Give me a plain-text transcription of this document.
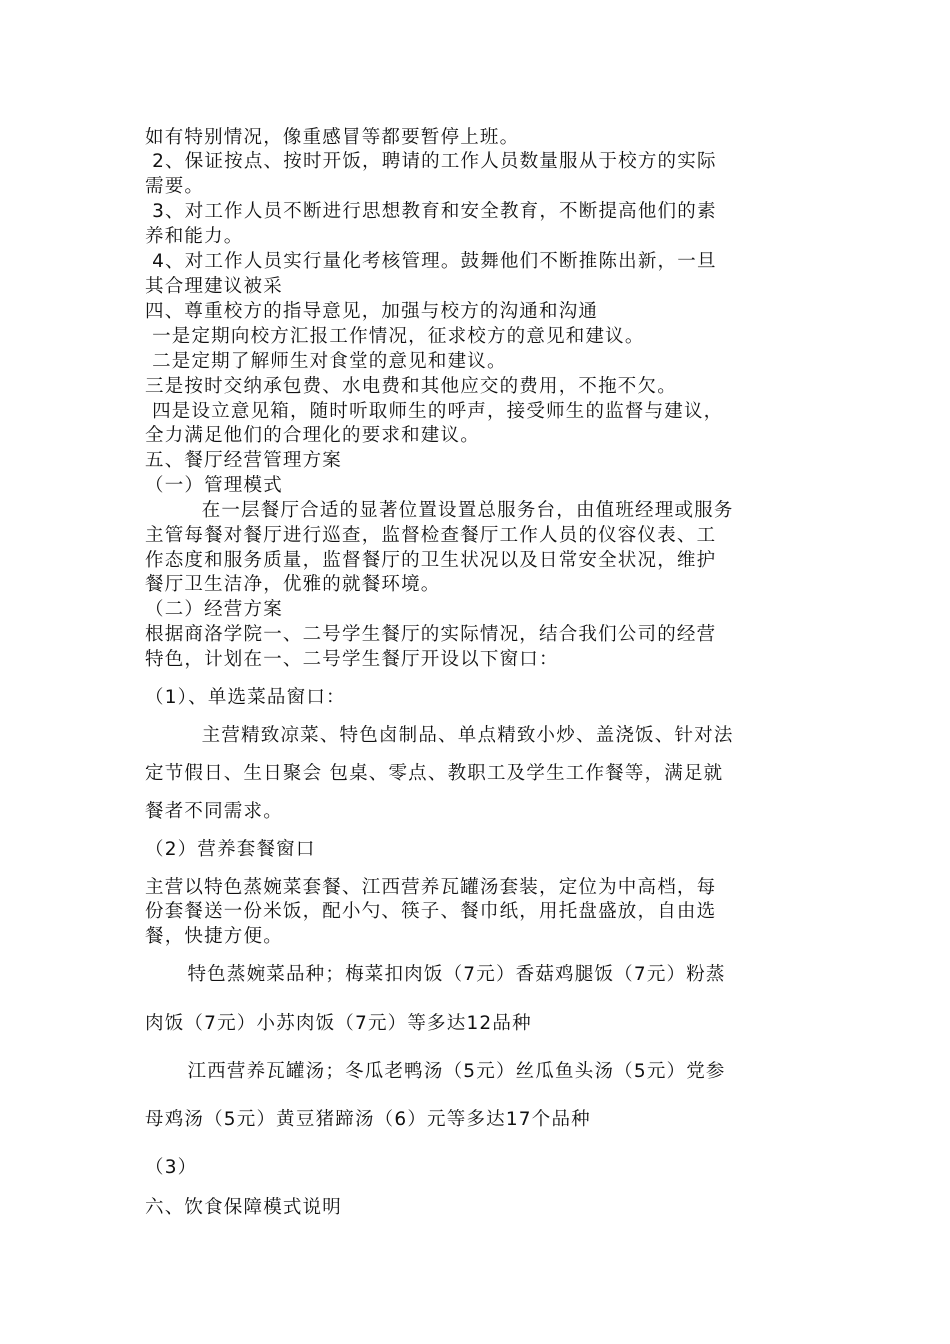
如有特别情况，像重感冒等都要暂停上班。
2、保证按点、按时开饭，聘请的工作人员数量服从于校方的实际
需要。
3、对工作人员不断进行思想教育和安全教育，不断提高他们的素
养和能力。
4、对工作人员实行量化考核管理。鼓舞他们不断推陈出新，一旦
其合理建议被采
四、尊重校方的指导意见，加强与校方的沟通和沟通
一是定期向校方汇报工作情况，征求校方的意见和建议。
二是定期了解师生对食堂的意见和建议。
三是按时交纳承包费、水电费和其他应交的费用，不拖不欠。
四是设立意见箱，随时听取师生的呼声，接受师生的监督与建议，
全力满足他们的合理化的要求和建议。
五、餐厅经营管理方案
（一）管理模式
在一层餐厅合适的显著位置设置总服务台，由值班经理或服务
主管每餐对餐厅进行巡查，监督检查餐厅工作人员的仪容仪表、工
作态度和服务质量，监督餐厅的卫生状况以及日常安全状况，维护
餐厅卫生洁净，优雅的就餐环境。
（二）经营方案
根据商洛学院一、二号学生餐厅的实际情况，结合我们公司的经营
特色，计划在一、二号学生餐厅开设以下窗口：
（1）、单选菜品窗口：
主营精致凉菜、特色卤制品、单点精致小炒、盖浇饭、针对法
定节假日、生日聚会 包桌、零点、教职工及学生工作餐等，满足就
餐者不同需求。
（2）营养套餐窗口
主营以特色蒸婉菜套餐、江西营养瓦罐汤套装，定位为中高档，每
份套餐送一份米饭，配小勺、筷子、餐巾纸，用托盘盛放，自由选
餐，快捷方便。
特色蒸婉菜品种；梅菜扣肉饭（7元）香菇鸡腿饭（7元）粉蒸
肉饭（7元）小苏肉饭（7元）等多达12品种
江西营养瓦罐汤；冬瓜老鸭汤（5元）丝瓜鱼头汤（5元）党参
母鸡汤（5元）黄豆猪蹄汤（6）元等多达17个品种
（3）
六、饮食保障模式说明
